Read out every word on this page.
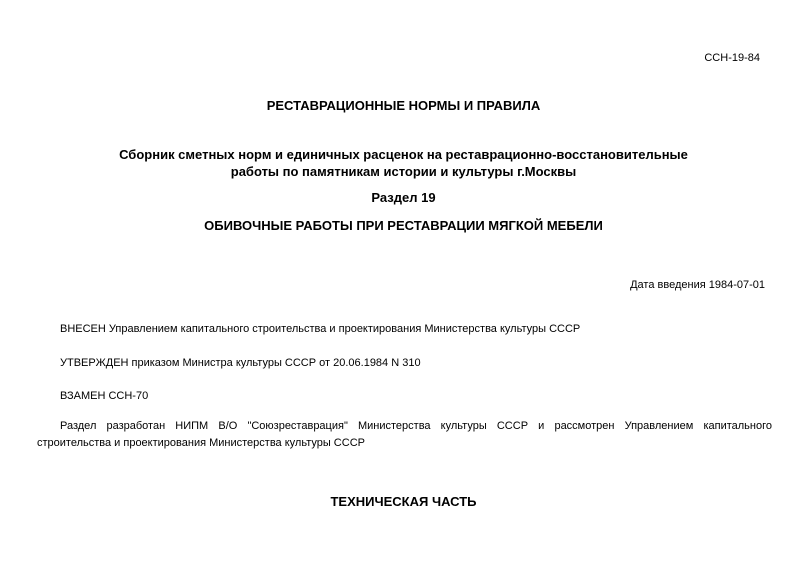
ССН-19-84
РЕСТАВРАЦИОННЫЕ НОРМЫ И ПРАВИЛА
Сборник сметных норм и единичных расценок на реставрационно-восстановительные
работы по памятникам истории и культуры г.Москвы
Раздел 19
ОБИВОЧНЫЕ РАБОТЫ ПРИ РЕСТАВРАЦИИ МЯГКОЙ МЕБЕЛИ
Дата введения 1984-07-01
ВНЕСЕН Управлением капитального строительства и проектирования Министерства культуры СССР
УТВЕРЖДЕН приказом Министра культуры СССР от 20.06.1984 N 310
ВЗАМЕН ССН-70
Раздел разработан НИПМ В/О "Союзреставрация" Министерства культуры СССР и рассмотрен Управлением капитального
строительства и проектирования Министерства культуры СССР
ТЕХНИЧЕСКАЯ ЧАСТЬ
